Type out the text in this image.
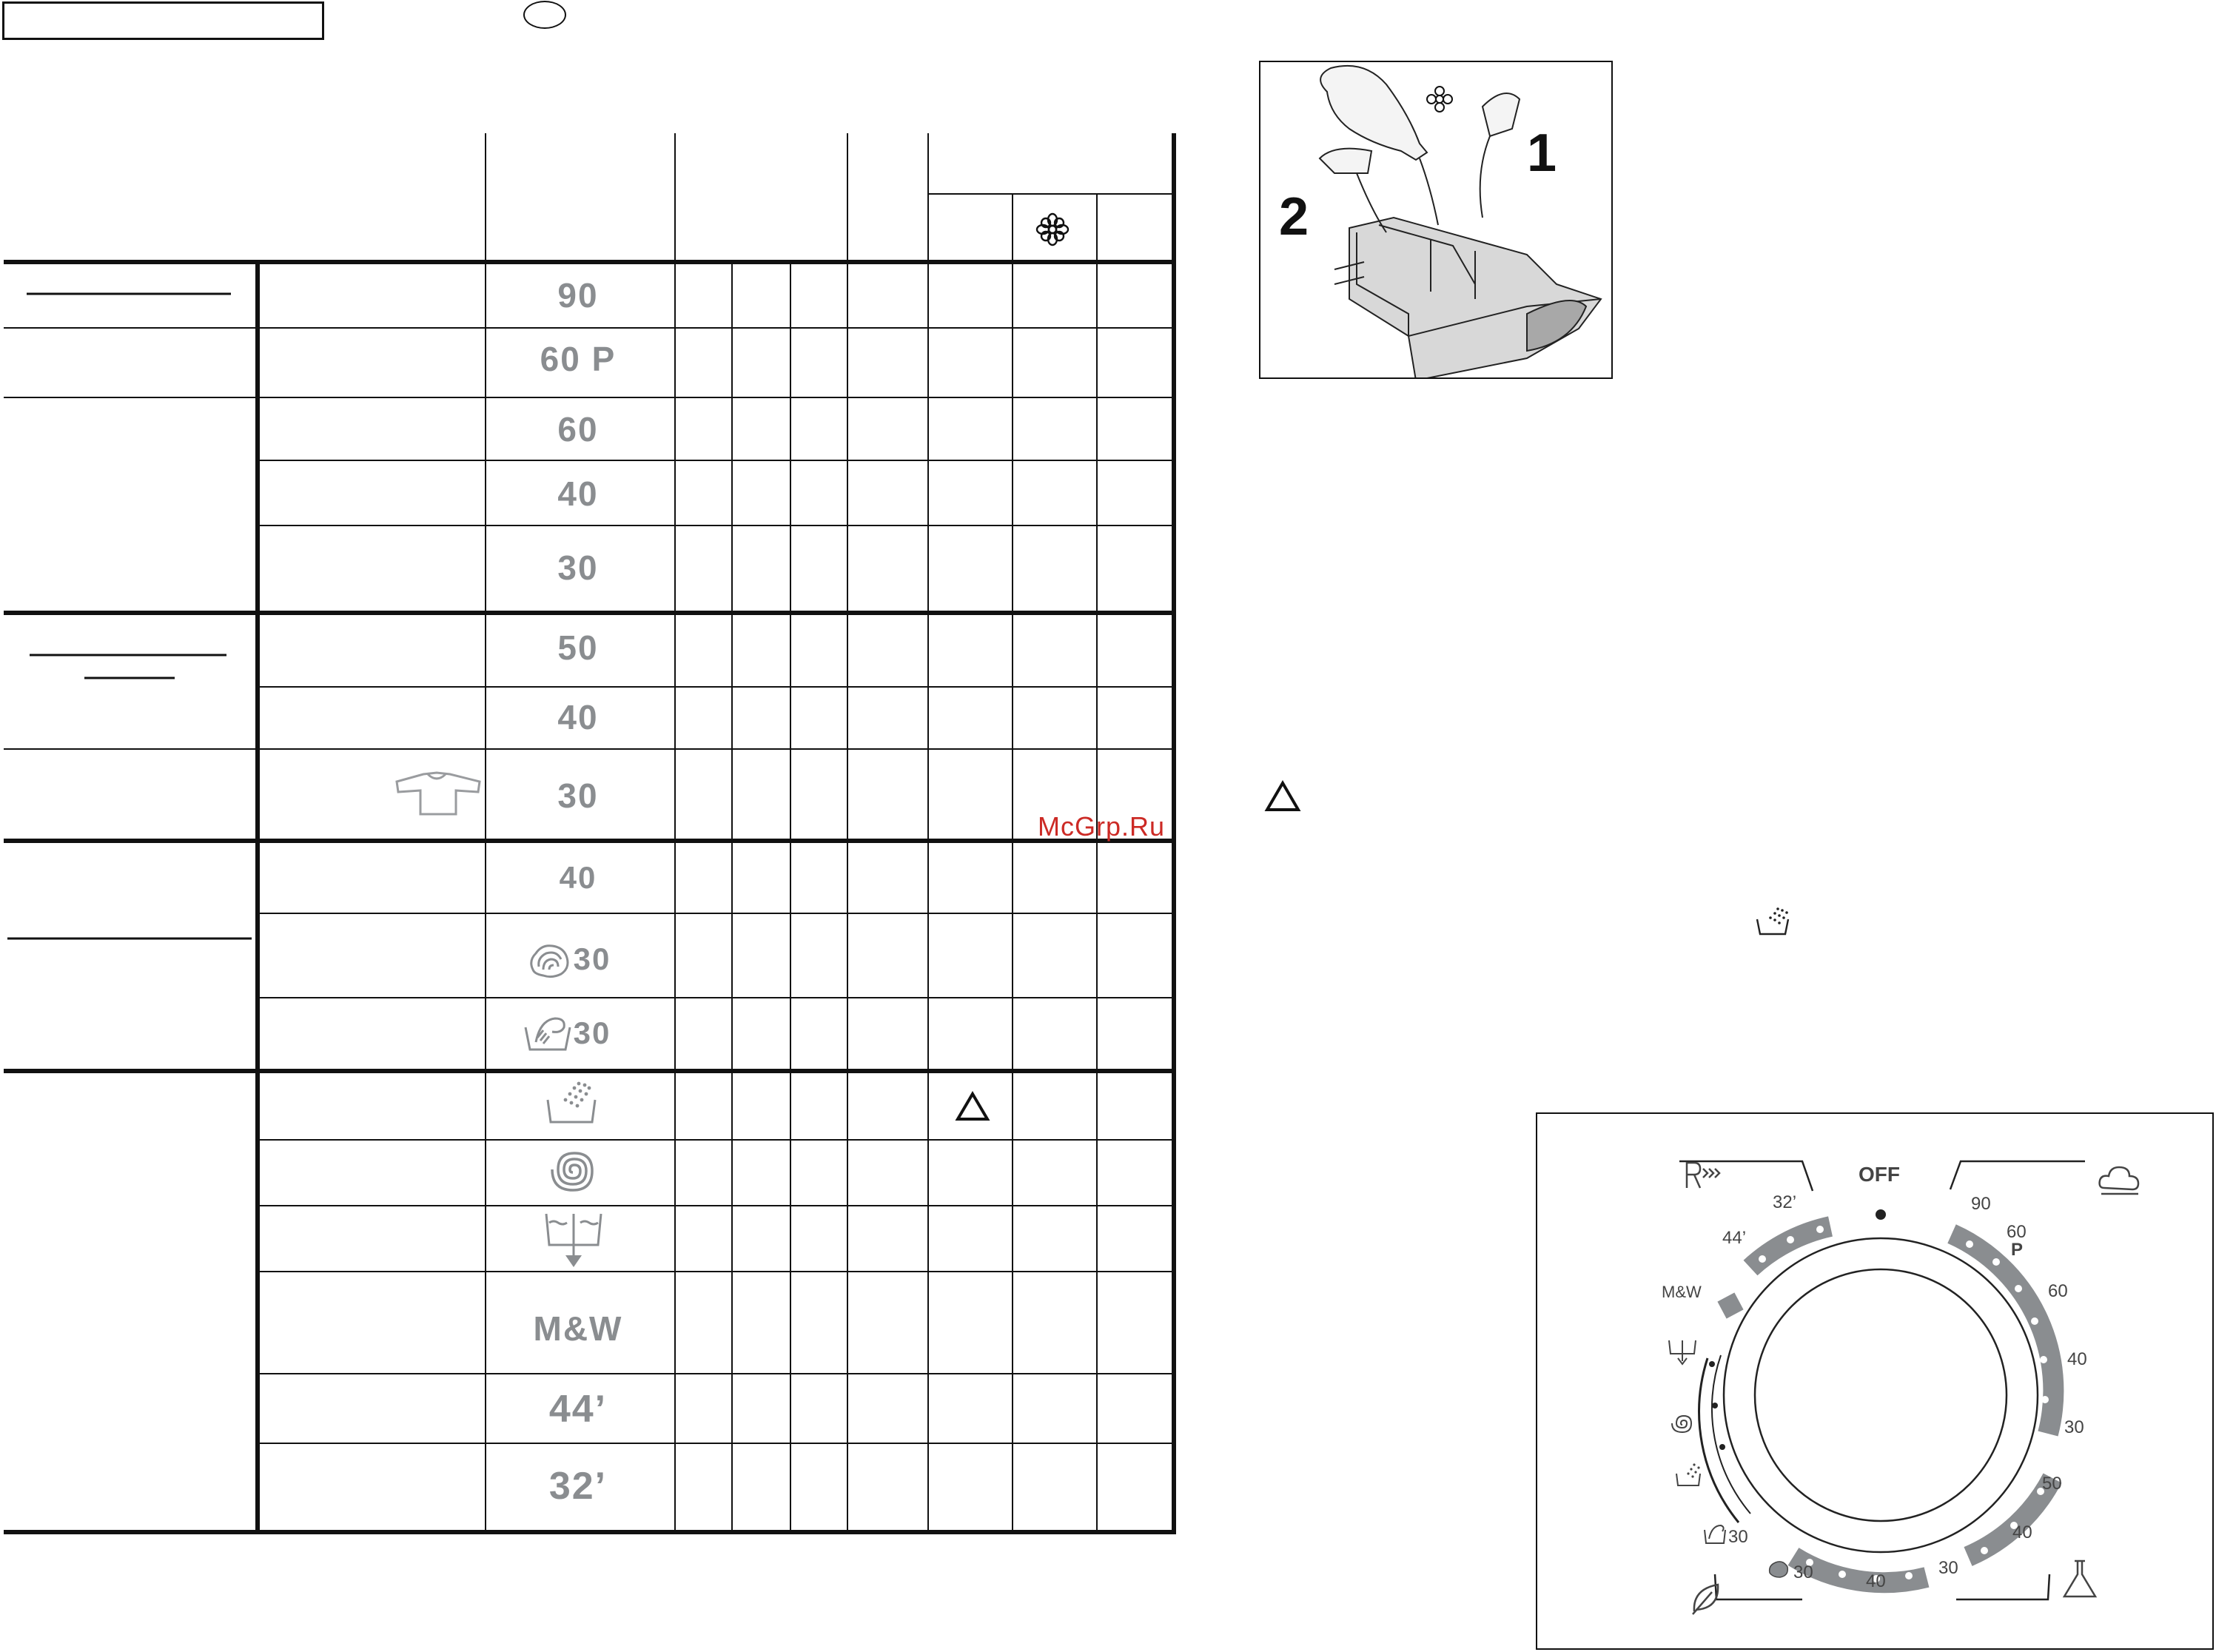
90
60 P
60
40
30
50
40
30
40
30
30
M&W
44’
32’
McGrp.Ru
1
2
OFF
90
60
P
60
40
30
50
40
30
32’
44’
M&W
30
30	40
